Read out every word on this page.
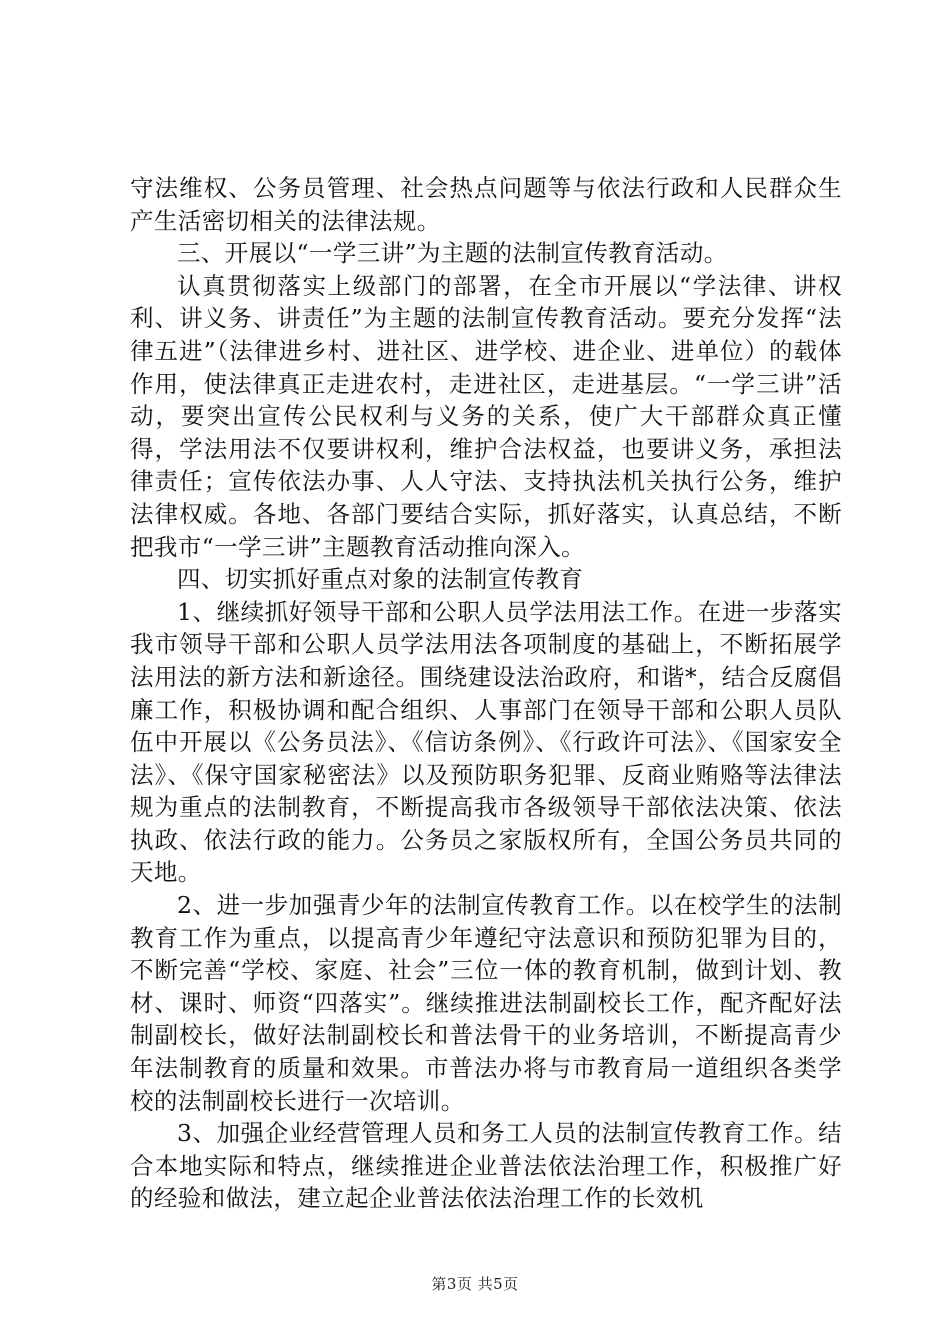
守法维权、公务员管理、社会热点问题等与依法行政和人民群众生产生活密切相关的法律法规。

三、开展以“一学三讲”为主题的法制宣传教育活动。

认真贯彻落实上级部门的部署，在全市开展以“学法律、讲权利、讲义务、讲责任”为主题的法制宣传教育活动。要充分发挥“法律五进”（法律进乡村、进社区、进学校、进企业、进单位）的载体作用，使法律真正走进农村，走进社区，走进基层。“一学三讲”活动，要突出宣传公民权利与义务的关系，使广大干部群众真正懂得，学法用法不仅要讲权利，维护合法权益，也要讲义务，承担法律责任；宣传依法办事、人人守法、支持执法机关执行公务，维护法律权威。各地、各部门要结合实际，抓好落实，认真总结，不断把我市“一学三讲”主题教育活动推向深入。

四、切实抓好重点对象的法制宣传教育

1、继续抓好领导干部和公职人员学法用法工作。在进一步落实我市领导干部和公职人员学法用法各项制度的基础上，不断拓展学法用法的新方法和新途径。围绕建设法治政府，和谐*，结合反腐倡廉工作，积极协调和配合组织、人事部门在领导干部和公职人员队伍中开展以《公务员法》、《信访条例》、《行政许可法》、《国家安全法》、《保守国家秘密法》以及预防职务犯罪、反商业贿赂等法律法规为重点的法制教育，不断提高我市各级领导干部依法决策、依法执政、依法行政的能力。公务员之家版权所有，全国公务员共同的天地。

2、进一步加强青少年的法制宣传教育工作。以在校学生的法制教育工作为重点，以提高青少年遵纪守法意识和预防犯罪为目的，不断完善“学校、家庭、社会”三位一体的教育机制，做到计划、教材、课时、师资“四落实”。继续推进法制副校长工作，配齐配好法制副校长，做好法制副校长和普法骨干的业务培训，不断提高青少年法制教育的质量和效果。市普法办将与市教育局一道组织各类学校的法制副校长进行一次培训。

3、加强企业经营管理人员和务工人员的法制宣传教育工作。结合本地实际和特点，继续推进企业普法依法治理工作，积极推广好的经验和做法，建立起企业普法依法治理工作的长效机

第3页 共5页
